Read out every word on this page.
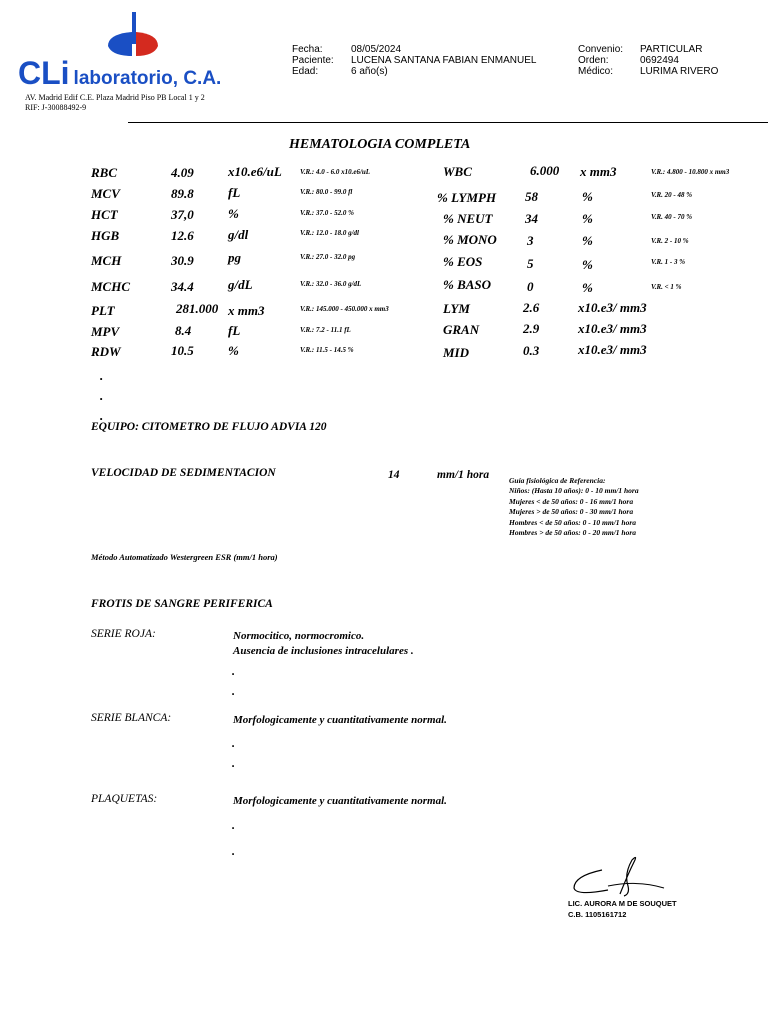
CLi laboratorio, C.A.
AV. Madrid Edif C.E. Plaza Madrid Piso PB Local 1 y 2
RIF: J-30088492-9
Fecha:	08/05/2024
Paciente: LUCENA SANTANA FABIAN ENMANUEL
Edad:	6 año(s)
Convenio: PARTICULAR
Orden:	0692494
Médico:	LURIMA RIVERO
HEMATOLOGIA COMPLETA
RBC	4.09	x10.e6/uL	V.R.: 4.0 - 6.0 x10.e6/uL
MCV	89.8	fL	V.R.: 80.0 - 99.0 fl
HCT	37,0	%	V.R.: 37.0 - 52.0 %
HGB	12.6	g/dl	V.R.: 12.0 - 18.0 g/dl
MCH	30.9	pg	V.R.: 27.0 - 32.0 pg
MCHC	34.4	g/dL	V.R.: 32.0 - 36.0 g/dL
PLT	281.000 x mm3	V.R.: 145.000 - 450.000 x mm3
MPV	8.4	fL	V.R.: 7.2 - 11.1 fL
RDW	10.5	%	V.R.: 11.5 - 14.5 %
WBC	6.000 x mm3	V.R.: 4.800 - 10.800 x mm3
% LYMPH 58	%	V.R. 20 - 48 %
% NEUT	34	%	V.R. 40 - 70 %
% MONO 3	%	V.R. 2 - 10 %
% EOS	5	%	V.R. 1 - 3 %
% BASO	0	%	V.R. < 1 %
LYM	2.6	x10.e3/ mm3
GRAN	2.9	x10.e3/ mm3
MID	0.3	x10.e3/ mm3
.
.
.
EQUIPO: CITOMETRO DE FLUJO ADVIA 120
VELOCIDAD DE SEDIMENTACION	14	mm/1 hora	Guía fisiológica de Referencia:
Niños: (Hasta 10 años): 0 - 10 mm/1 hora
Mujeres < de 50 años: 0 - 16 mm/1 hora
Mujeres > de 50 años: 0 - 30 mm/1 hora
Hombres < de 50 años: 0 - 10 mm/1 hora
Hombres > de 50 años: 0 - 20 mm/1 hora
Método Automatizado Westergreen ESR (mm/1 hora)
FROTIS DE SANGRE PERIFERICA
SERIE ROJA:	Normocitico, normocromico.
Ausencia de inclusiones intracelulares .
.
.
SERIE BLANCA:	Morfologicamente y cuantitativamente normal.
.
.
PLAQUETAS:	Morfologicamente y cuantitativamente normal.
.
.
LIC. AURORA M DE SOUQUET
C.B. 1105161712
